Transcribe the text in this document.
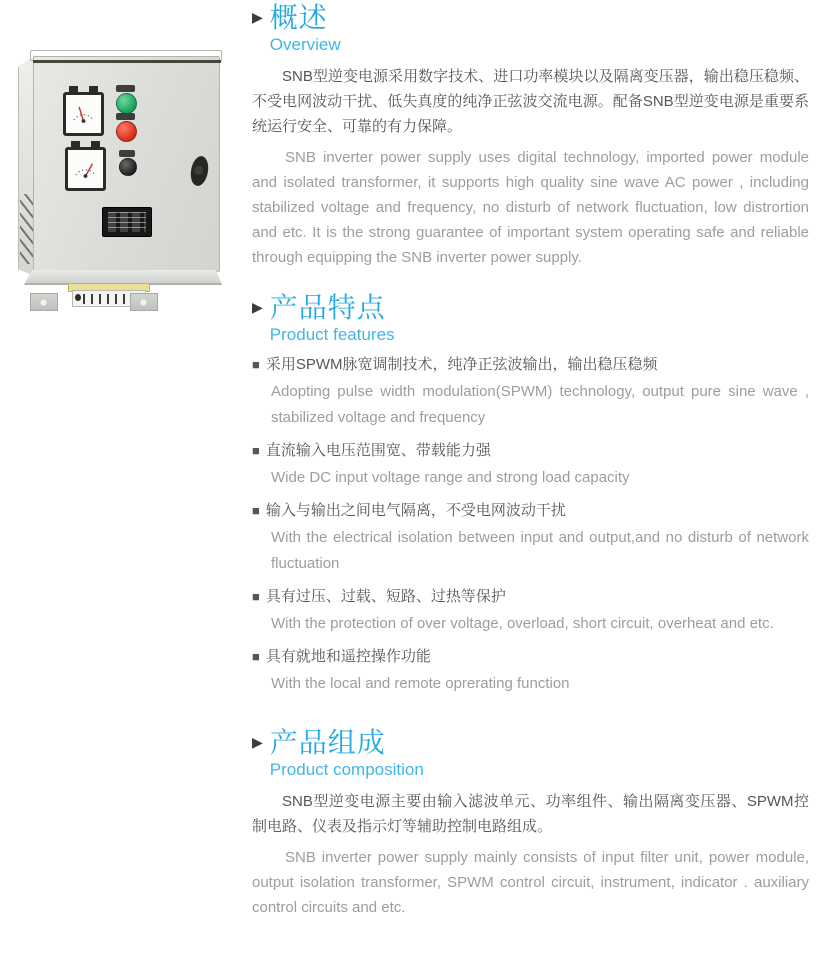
▶ 概述
Overview
SNB型逆变电源采用数字技术、进口功率模块以及隔离变压器，输出稳压稳频、不受电网波动干扰、低失真度的纯净正弦波交流电源。配备SNB型逆变电源是重要系统运行安全、可靠的有力保障。
SNB inverter power supply uses digital technology, imported power module and isolated transformer, it supports high quality sine wave AC power , including stabilized voltage and frequency, no disturb of network fluctuation, low distrortion and etc. It is the strong guarantee of important system operating safe and reliable through equipping the SNB inverter power supply.
▶ 产品特点
Product features
■ 采用SPWM脉宽调制技术，纯净正弦波输出，输出稳压稳频
Adopting pulse width modulation(SPWM) technology, output pure sine wave , stabilized voltage and frequency
■ 直流输入电压范围宽、带载能力强
Wide DC input voltage range and strong load capacity
■ 输入与输出之间电气隔离，不受电网波动干扰
With the electrical isolation between input and output,and no disturb of network fluctuation
■ 具有过压、过载、短路、过热等保护
With the protection of over voltage, overload, short circuit, overheat and etc.
■ 具有就地和遥控操作功能
With the local and remote oprerating function
▶ 产品组成
Product composition
SNB型逆变电源主要由输入滤波单元、功率组件、输出隔离变压器、SPWM控制电路、仪表及指示灯等辅助控制电路组成。
SNB inverter power supply mainly consists of input filter unit, power module, output isolation transformer, SPWM control circuit, instrument, indicator . auxiliary control circuits and etc.
